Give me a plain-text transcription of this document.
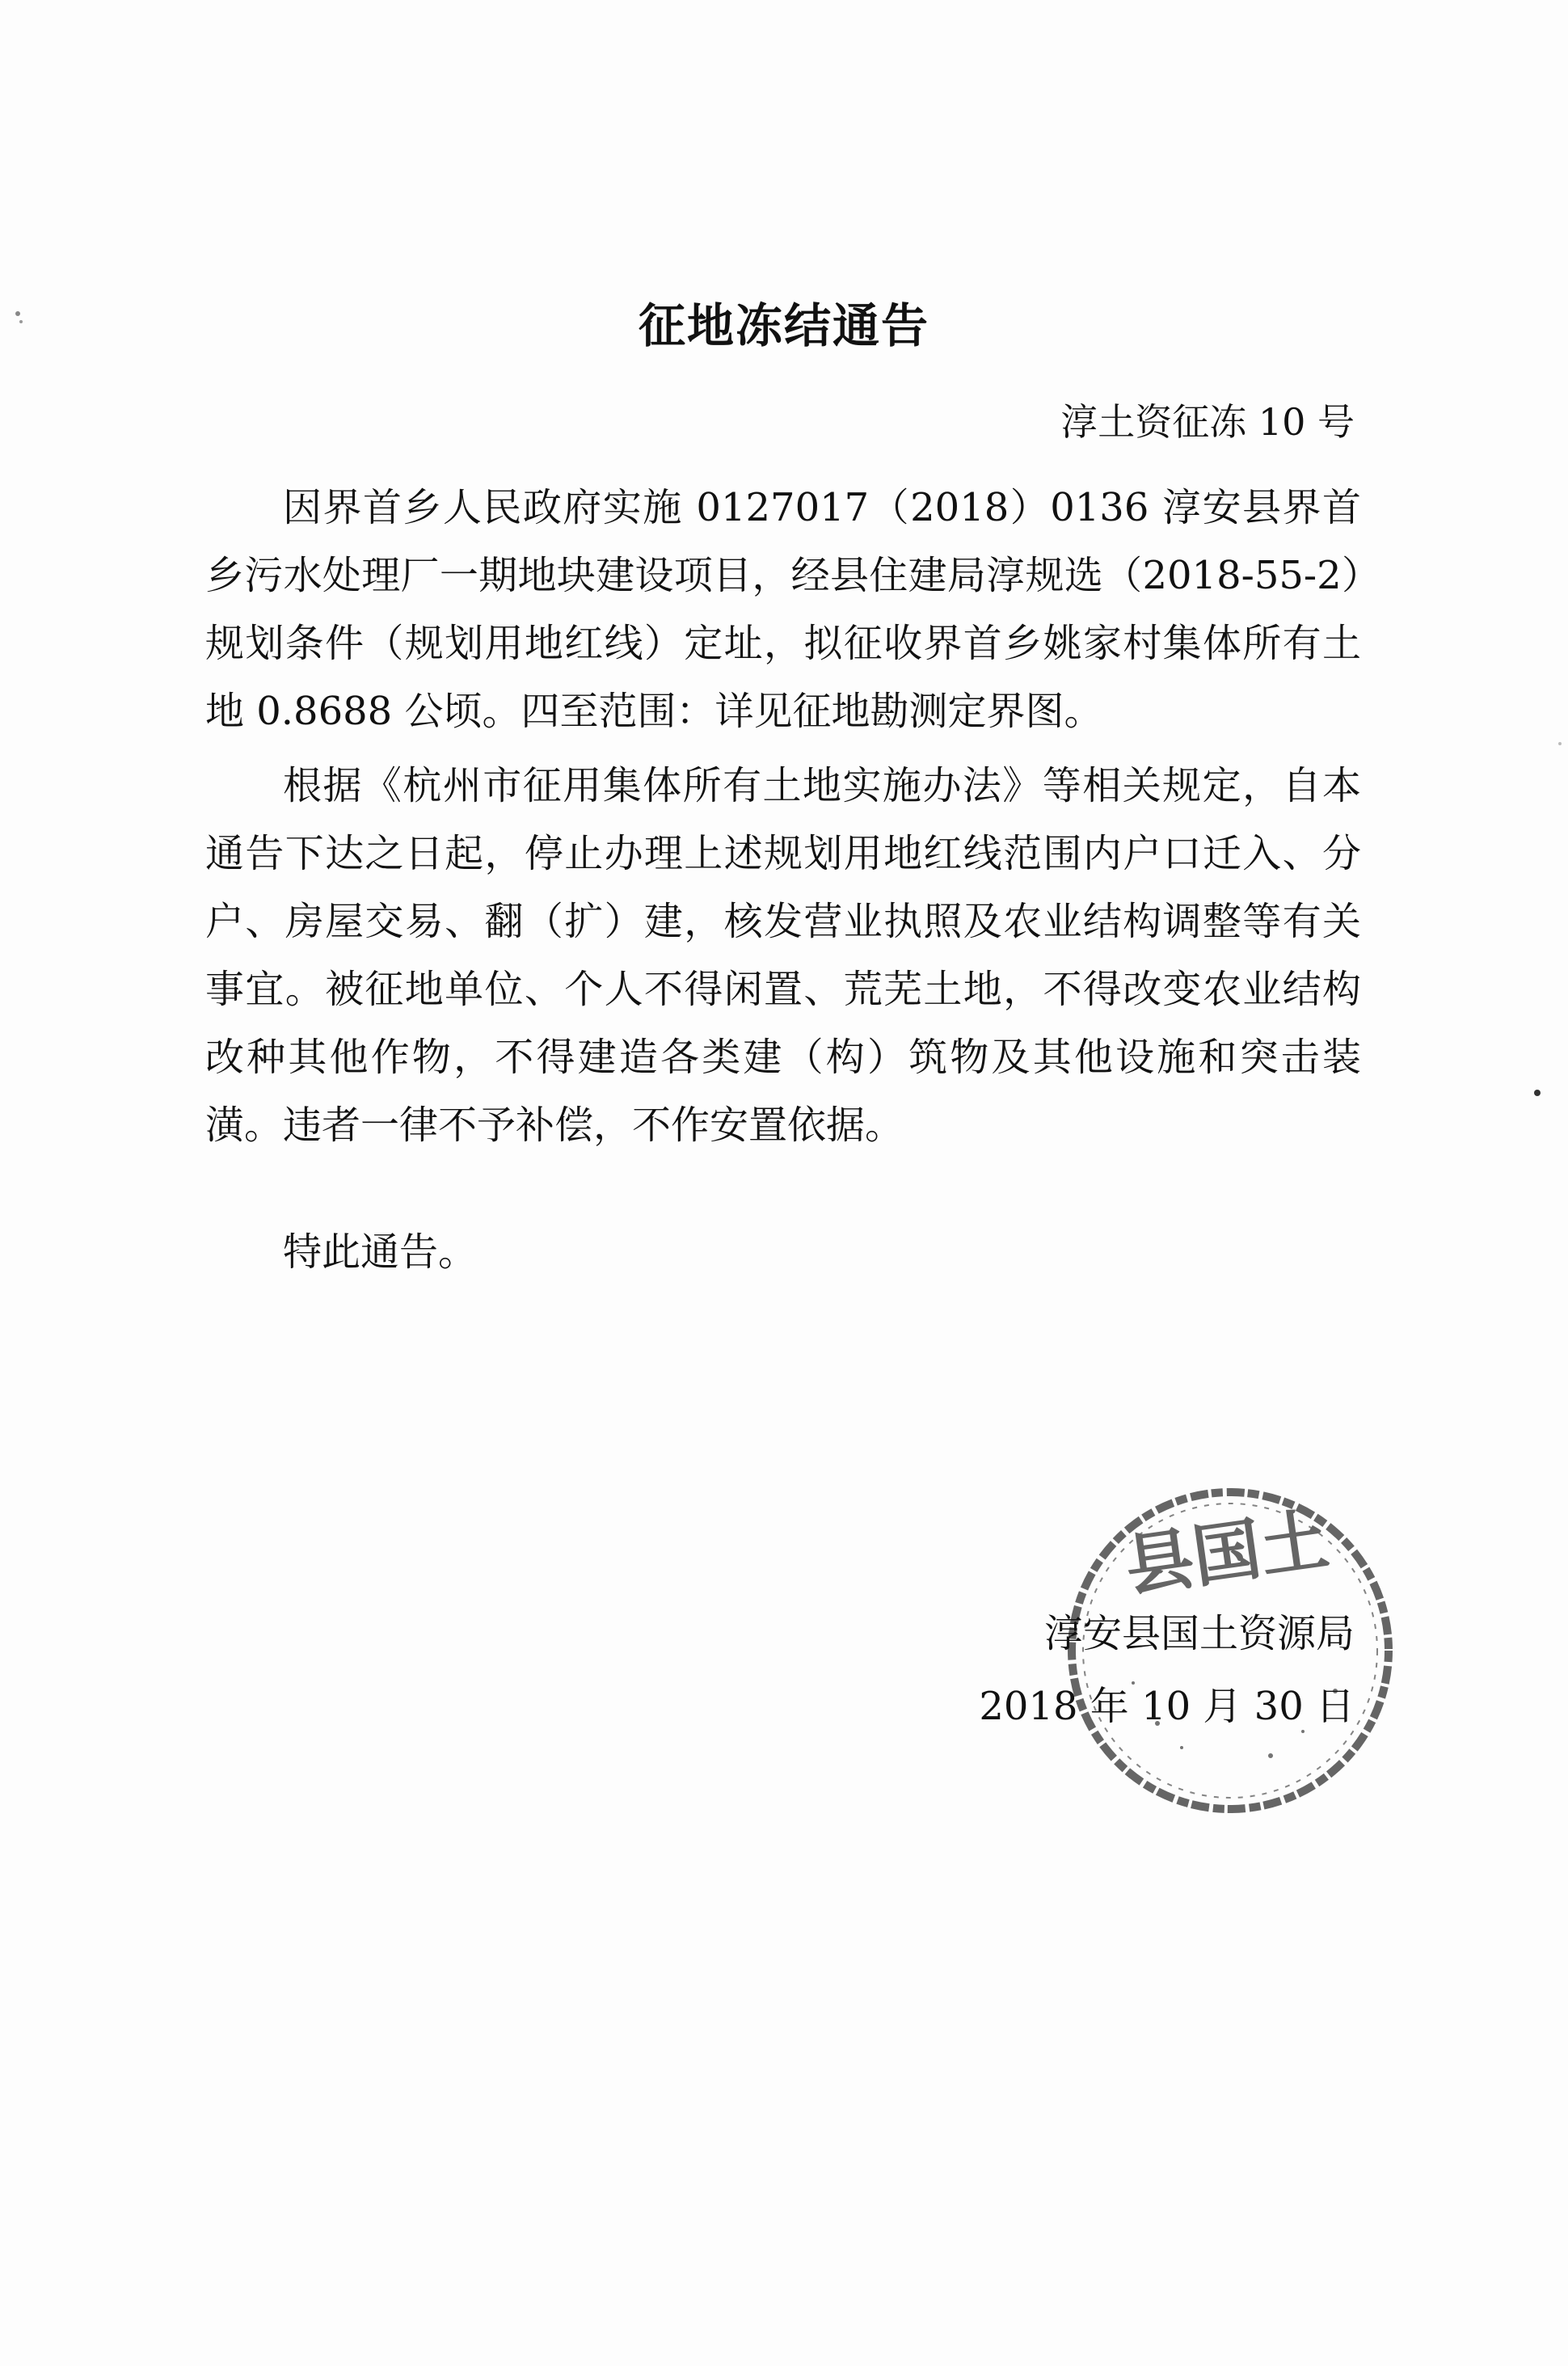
征地冻结通告
淳土资征冻 10 号

因界首乡人民政府实施 0127017（2018）0136 淳安县界首乡污水处理厂一期地块建设项目，经县住建局淳规选（2018-55-2）规划条件（规划用地红线）定址，拟征收界首乡姚家村集体所有土地 0.8688 公顷。四至范围：详见征地勘测定界图。

根据《杭州市征用集体所有土地实施办法》等相关规定，自本通告下达之日起，停止办理上述规划用地红线范围内户口迁入、分户、房屋交易、翻（扩）建，核发营业执照及农业结构调整等有关事宜。被征地单位、个人不得闲置、荒芜土地，不得改变农业结构改种其他作物，不得建造各类建（构）筑物及其他设施和突击装潢。违者一律不予补偿，不作安置依据。

特此通告。
县国土
淳安县国土资源局
2018 年 10 月 30 日
